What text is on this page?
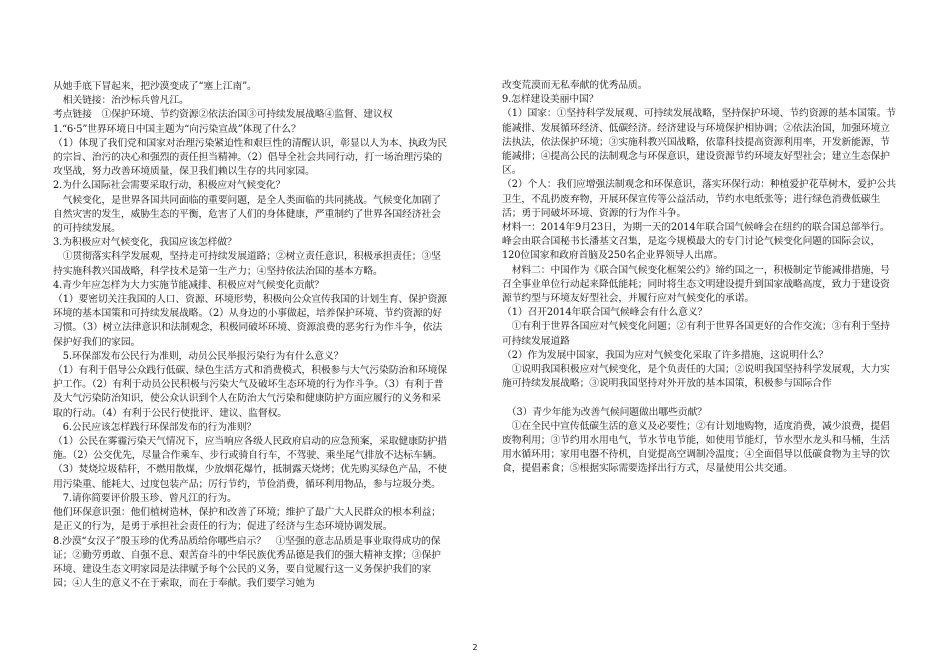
从她手底下冒起来，把沙漠变成了“塞上江南”。

　相关链接：治沙标兵曾凡江。

考点链接　①保护环境、节约资源②依法治国③可持续发展战略④监督、建议权

1.“6·5”世界环境日中国主题为“向污染宣战”体现了什么？

（1）体现了我们党和国家对治理污染紧迫性和艰巨性的清醒认识，彰显以人为本、执政为民的宗旨、治污的决心和强烈的责任担当精神。（2）倡导全社会共同行动，打一场治理污染的攻坚战，努力改善环境质量，保卫我们赖以生存的共同家园。

2.为什么国际社会需要采取行动，积极应对气候变化？

　气候变化，是世界各国共同面临的重要问题，是全人类面临的共同挑战。气候变化加剧了自然灾害的发生，威胁生态的平衡，危害了人们的身体健康，严重制约了世界各国经济社会的可持续发展。

3.为积极应对气候变化，我国应该怎样做？

　①贯彻落实科学发展观，坚持走可持续发展道路；②树立责任意识，积极承担责任；③坚持实施科教兴国战略，科学技术是第一生产力；④坚持依法治国的基本方略。

4.青少年应怎样为大力实施节能减排、积极应对气候变化贡献？

（1）要密切关注我国的人口、资源、环境形势，积极向公众宣传我国的计划生育、保护资源环境的基本国策和可持续发展战略。（2）从身边的小事做起，培养保护环境、节约资源的好习惯。（3）树立法律意识和法制观念，积极同破坏环境、资源浪费的恶劣行为作斗争，依法保护好我们的家园。

　5.环保部发布公民行为准则，动员公民举报污染行为有什么意义？

（1）有利于倡导公众践行低碳、绿色生活方式和消费模式，积极参与大气污染防治和环境保护工作。（2）有利于动员公民积极与污染大气及破坏生态环境的行为作斗争。（3）有利于普及大气污染防治知识，使公众认识到个人在防治大气污染和健康防护方面应履行的义务和采取的行动。（4）有利于公民行使批评、建议、监督权。

　6.公民应该怎样践行环保部发布的行为准则？

（1）公民在雾霾污染天气情况下，应当响应各级人民政府启动的应急预案，采取健康防护措施。（2）公交优先，尽量合作乘车、步行或骑自行车，不驾驶、乘坐尾气排放不达标车辆。（3）焚烧垃圾秸秆，不燃用散煤，少放烟花爆竹，抵制露天烧烤；优先购买绿色产品，不使用污染重、能耗大、过度包装产品；厉行节约，节俭消费，循环利用物品，参与垃圾分类。

　7.请你简要评价殷玉珍、曾凡江的行为。

他们环保意识强：他们植树造林，保护和改善了环境；维护了最广大人民群众的根本利益；是正义的行为，是勇于承担社会责任的行为；促进了经济与生态环境协调发展。

8.沙漠“女汉子”殷玉珍的优秀品质给你哪些启示？　①坚强的意志品质是事业取得成功的保证；②勤劳勇敢、自强不息、艰苦奋斗的中华民族优秀品德是我们的强大精神支撑；③保护环境、建设生态文明家园是法律赋予每个公民的义务，要自觉履行这一义务保护我们的家园；④人生的意义不在于索取，而在于奉献。我们要学习她为

改变荒漠而无私奉献的优秀品质。

9.怎样建设美丽中国？

（1）国家：①坚持科学发展观、可持续发展战略，坚持保护环境、节约资源的基本国策。节能减排、发展循环经济、低碳经济。经济建设与环境保护相协调；②依法治国，加强环境立法执法，依法保护环境；③实施科教兴国战略，依靠科技提高资源利用率，开发新能源，节能减排；④提高公民的法制观念与环保意识，建设资源节约环境友好型社会；建立生态保护区。

（2）个人：我们应增强法制观念和环保意识，落实环保行动：种植爱护花草树木，爱护公共卫生，不乱扔废弃物，开展环保宣传等公益活动，节约水电纸张等；进行绿色消费低碳生活；勇于同破坏环境、资源的行为作斗争。

材料一：2014年9月23日，为期一天的2014年联合国气候峰会在纽约的联合国总部举行。峰会由联合国秘书长潘基文召集，是迄今规模最大的专门讨论气候变化问题的国际会议，120位国家和政府首脑及250名企业界领导人出席。

　材料二：中国作为《联合国气候变化框架公约》缔约国之一，积极制定节能减排措施，号召全事业单位行动起来降低能耗；同时将生态文明建设提升到国家战略高度，致力于建设资源节约型与环境友好型社会，并履行应对气候变化的承诺。

（1）召开2014年联合国气候峰会有什么意义？

　①有利于世界各国应对气候变化问题；②有利于世界各国更好的合作交流；③有利于坚持可持续发展道路

（2）作为发展中国家，我国为应对气候变化采取了许多措施，这说明什么？

　①说明我国积极应对气候变化，是个负责任的大国；②说明我国坚持科学发展观，大力实施可持续发展战略；③说明我国坚持对外开放的基本国策，积极参与国际合作

　（3）青少年能为改善气候问题做出哪些贡献？

　①在全民中宣传低碳生活的意义及必要性；②有计划地购物，适度消费，减少浪费，提倡废物利用；③节约用水用电气，节水节电节能，如使用节能灯，节水型水龙头和马桶，生活用水循环用；家用电器不待机，自觉提高空调制冷温度；④全面倡导以低碳食物为主导的饮食，提倡素食；⑤根据实际需要选择出行方式，尽量使用公共交通。

2
